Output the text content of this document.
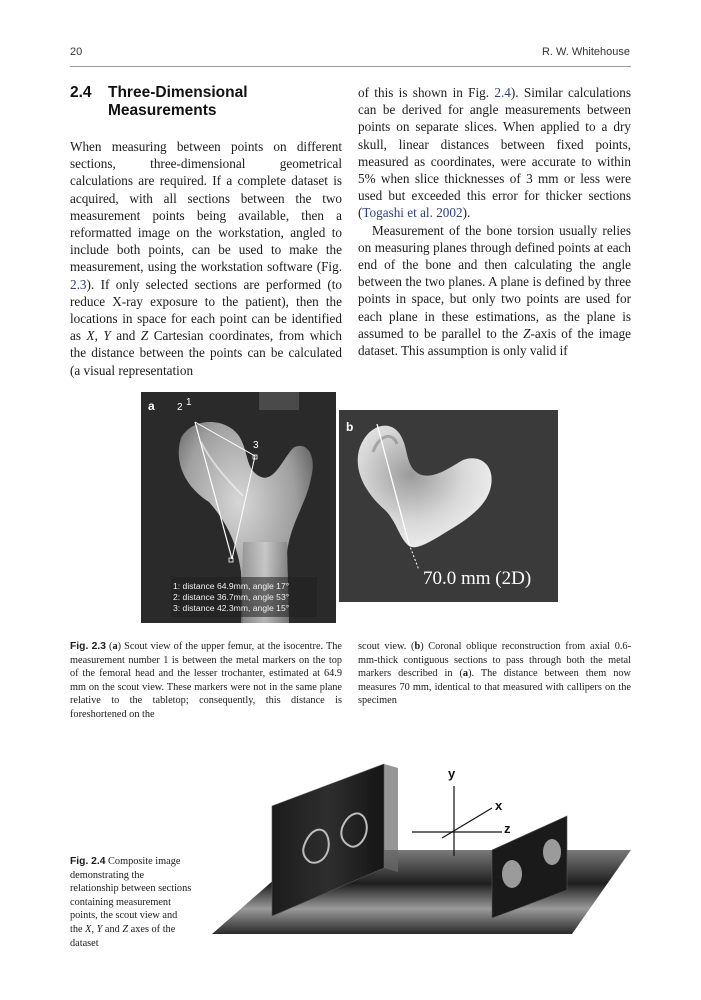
20	R. W. Whitehouse
2.4 Three-Dimensional Measurements

When measuring between points on different sections, three-dimensional geometrical calculations are required. If a complete dataset is acquired, with all sections between the two measurement points being available, then a reformatted image on the workstation, angled to include both points, can be used to make the measurement, using the workstation software (Fig. 2.3). If only selected sections are performed (to reduce X-ray exposure to the patient), then the locations in space for each point can be identified as X, Y and Z Cartesian coordinates, from which the distance between the points can be calculated (a visual representation

of this is shown in Fig. 2.4). Similar calculations can be derived for angle measurements between points on separate slices. When applied to a dry skull, linear distances between fixed points, measured as coordinates, were accurate to within 5% when slice thicknesses of 3 mm or less were used but exceeded this error for thicker sections (Togashi et al. 2002).

Measurement of the bone torsion usually relies on measuring planes through defined points at each end of the bone and then calculating the angle between the two planes. A plane is defined by three points in space, but only two points are used for each plane in these estimations, as the plane is assumed to be parallel to the Z-axis of the image dataset. This assumption is only valid if

a 2 1
3
1: distance 64.9mm, angle 17°
2: distance 36.7mm, angle 53°
3: distance 42.3mm, angle 15°
b
70.0 mm (2D)
Fig. 2.3 (a) Scout view of the upper femur, at the isocentre. The measurement number 1 is between the metal markers on the top of the femoral head and the lesser trochanter, estimated at 64.9 mm on the scout view. These markers were not in the same plane relative to the tabletop; consequently, this distance is foreshortened on the
scout view. (b) Coronal oblique reconstruction from axial 0.6-mm-thick contiguous sections to pass through both the metal markers described in (a). The distance between them now measures 70 mm, identical to that measured with callipers on the specimen
Fig. 2.4 Composite image demonstrating the relationship between sections containing measurement points, the scout view and the X, Y and Z axes of the dataset
y
x
z
